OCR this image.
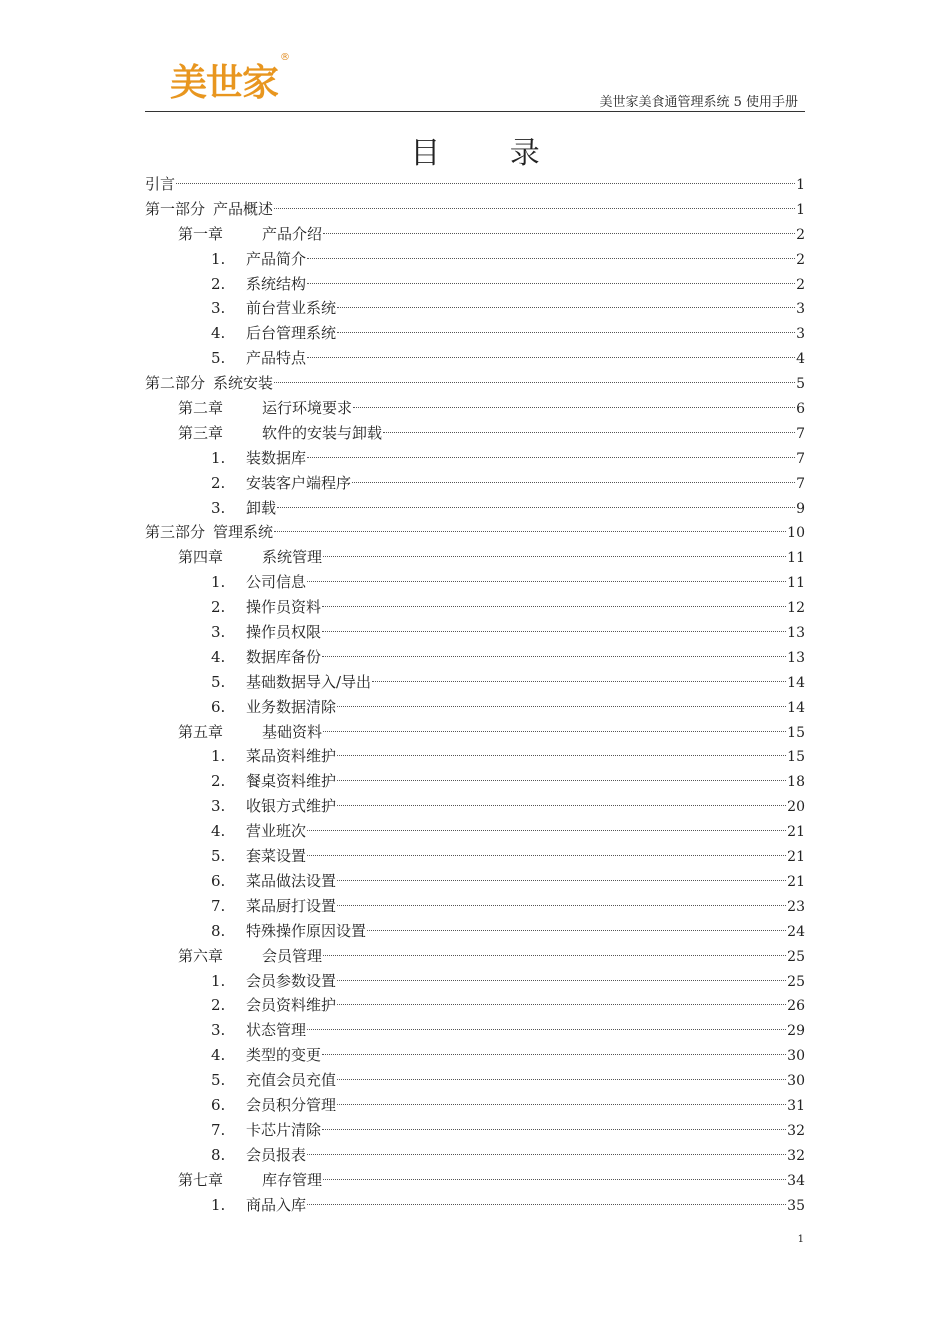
美世家®
美世家美食通管理系统 5 使用手册
目 录
引言	1
第一部分 产品概述	1
第一章	产品介绍	2
1. 产品简介	2
2. 系统结构	2
3. 前台营业系统	3
4. 后台管理系统	3
5. 产品特点	4
第二部分 系统安装	5
第二章	运行环境要求	6
第三章	软件的安装与卸载	7
1. 装数据库	7
2. 安装客户端程序	7
3. 卸载	9
第三部分 管理系统	10
第四章	系统管理	11
1. 公司信息	11
2. 操作员资料	12
3. 操作员权限	13
4. 数据库备份	13
5. 基础数据导入/导出	14
6. 业务数据清除	14
第五章	基础资料	15
1. 菜品资料维护	15
2. 餐桌资料维护	18
3. 收银方式维护	20
4. 营业班次	21
5. 套菜设置	21
6. 菜品做法设置	21
7. 菜品厨打设置	23
8. 特殊操作原因设置	24
第六章	会员管理	25
1. 会员参数设置	25
2. 会员资料维护	26
3. 状态管理	29
4. 类型的变更	30
5. 充值会员充值	30
6. 会员积分管理	31
7. 卡芯片清除	32
8. 会员报表	32
第七章	库存管理	34
1. 商品入库	35
1
